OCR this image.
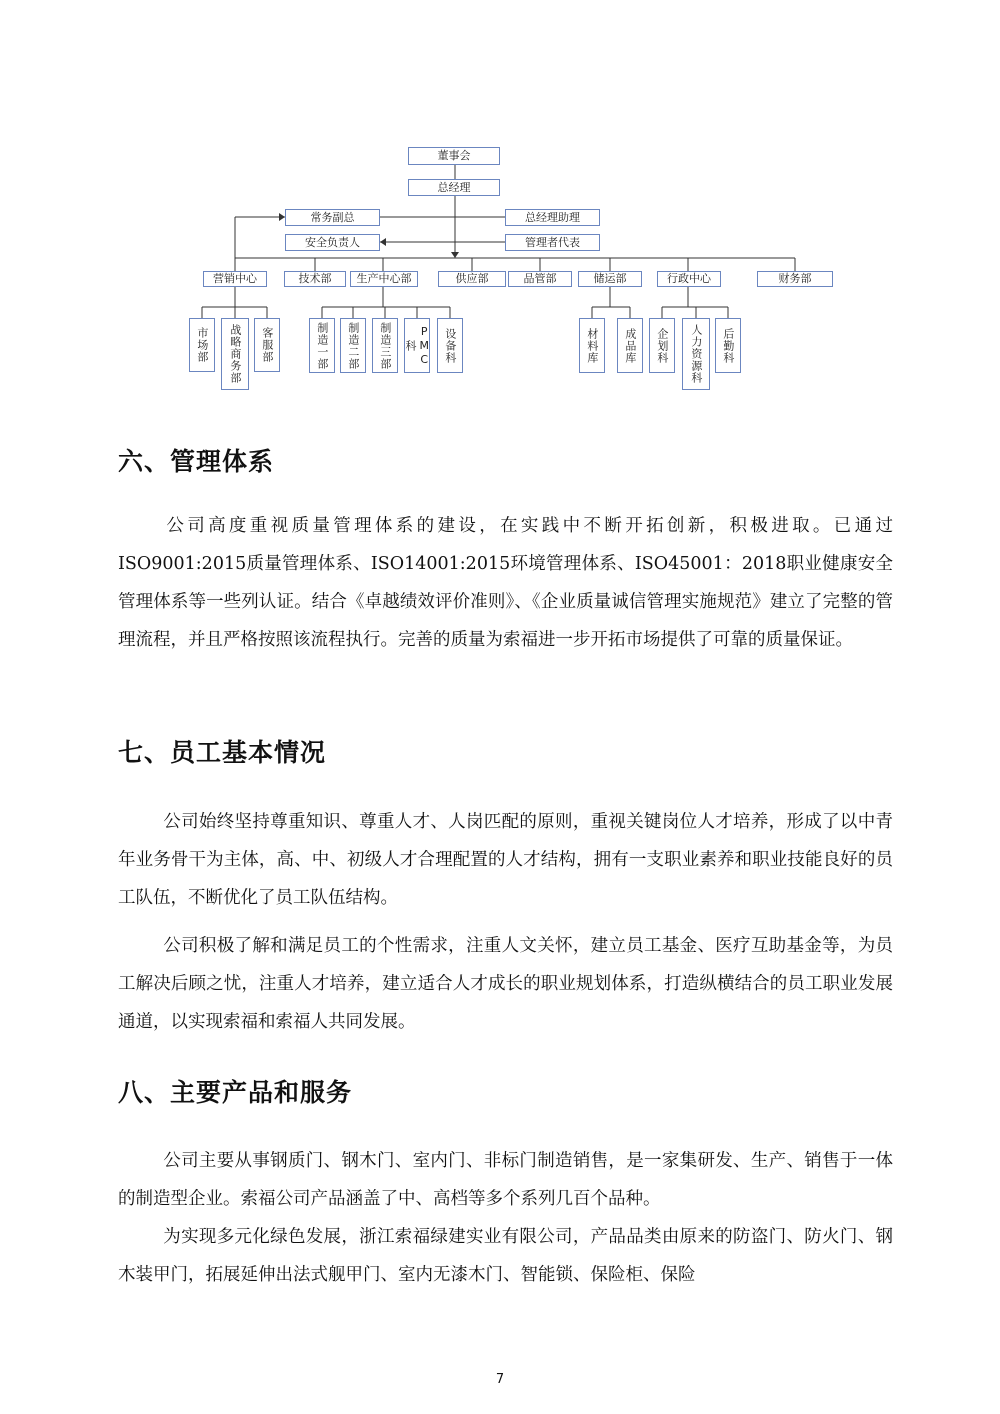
董事会
总经理
常务副总	总经理助理
安全负责人	管理者代表
营销中心	技术部	生产中心部	供应部	品管部	储运部	行政中心	财务部
市场部	战略商务部	客服部	制造一部	制造二部	制造三部	PMC科	设备科	材料库	成品库	企划科	人力资源科	后勤科
六、管理体系

公司高度重视质量管理体系的建设，在实践中不断开拓创新，积极进取。已通过ISO9001:2015质量管理体系、ISO14001:2015环境管理体系、ISO45001：2018职业健康安全管理体系等一些列认证。结合《卓越绩效评价准则》、《企业质量诚信管理实施规范》建立了完整的管理流程，并且严格按照该流程执行。完善的质量为索福进一步开拓市场提供了可靠的质量保证。

七、员工基本情况

公司始终坚持尊重知识、尊重人才、人岗匹配的原则，重视关键岗位人才培养，形成了以中青年业务骨干为主体，高、中、初级人才合理配置的人才结构，拥有一支职业素养和职业技能良好的员工队伍，不断优化了员工队伍结构。

公司积极了解和满足员工的个性需求，注重人文关怀，建立员工基金、医疗互助基金等，为员工解决后顾之忧，注重人才培养，建立适合人才成长的职业规划体系，打造纵横结合的员工职业发展通道，以实现索福和索福人共同发展。

八、主要产品和服务

公司主要从事钢质门、钢木门、室内门、非标门制造销售，是一家集研发、生产、销售于一体的制造型企业。索福公司产品涵盖了中、高档等多个系列几百个品种。

为实现多元化绿色发展，浙江索福绿建实业有限公司，产品品类由原来的防盗门、防火门、钢木装甲门，拓展延伸出法式舰甲门、室内无漆木门、智能锁、保险柜、保险

7
